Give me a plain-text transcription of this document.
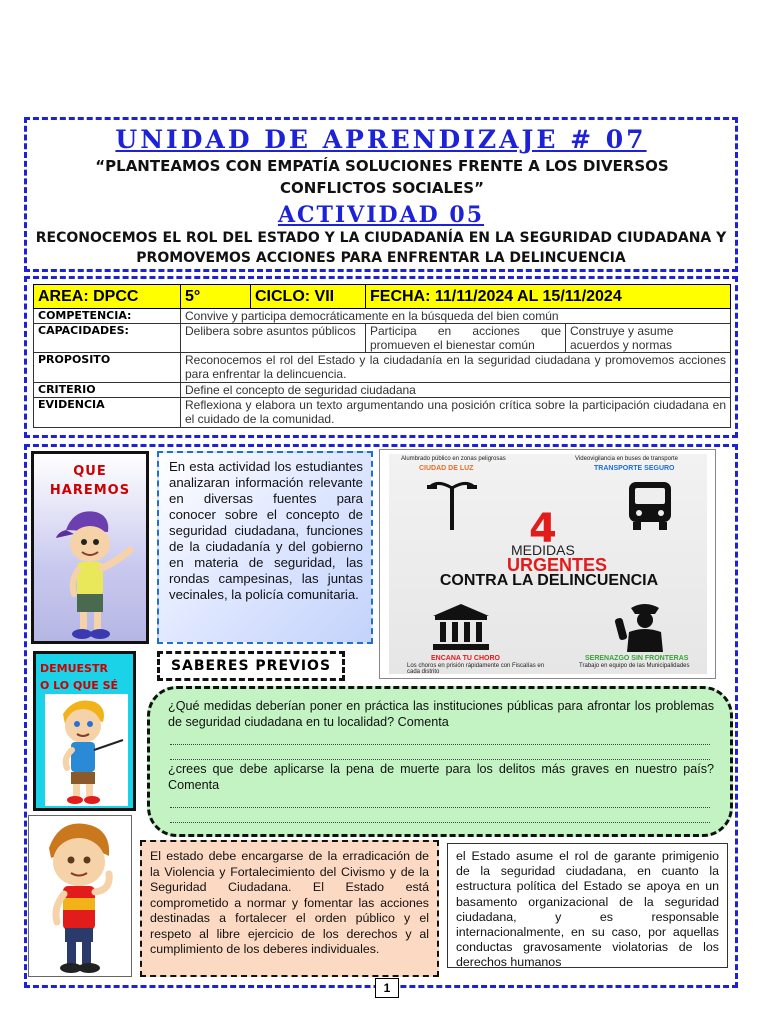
UNIDAD DE APRENDIZAJE # 07
“PLANTEAMOS CON EMPATÍA SOLUCIONES FRENTE A LOS DIVERSOS CONFLICTOS SOCIALES”
ACTIVIDAD 05
RECONOCEMOS EL ROL DEL ESTADO Y LA CIUDADANÍA EN LA SEGURIDAD CIUDADANA Y PROMOVEMOS ACCIONES PARA ENFRENTAR LA DELINCUENCIA
AREA: DPCC	5°	CICLO: VII	FECHA: 11/11/2024 AL 15/11/2024	
COMPETENCIA:	Convive y participa democráticamente en la búsqueda del bien común			
CAPACIDADES:	Delibera sobre asuntos públicos		Participa en acciones que promueven el bienestar común	Construye y asume acuerdos y normas
PROPOSITO	Reconocemos el rol del Estado y la ciudadanía en la seguridad ciudadana y promovemos acciones para enfrentar la delincuencia.			
CRITERIO	Define el concepto de seguridad ciudadana			
EVIDENCIA	Reflexiona y elabora un texto argumentando una posición crítica sobre la participación ciudadana en el cuidado de la comunidad.			
QUE
HAREMOS

En esta actividad los estudiantes analizaran información relevante en diversas fuentes para conocer sobre el concepto de seguridad ciudadana, funciones de la ciudadanía y del gobierno en materia de seguridad, las rondas campesinas, las juntas vecinales, la policía comunitaria.

Alumbrado público en zonas peligrosas
CIUDAD DE LUZ
Videovigilancia en buses de transporte
TRANSPORTE SEGURO
4
MEDIDAS
URGENTES
CONTRA LA DELINCUENCIA
ENCANA TU CHORO
Los choros en prisión rápidamente con Fiscalías en cada distrito
SERENAZGO SIN FRONTERAS
Trabajo en equipo de las Municipalidades
DEMUESTR
O LO QUE SÉ
SABERES PREVIOS

¿Qué medidas deberían poner en práctica las instituciones públicas para afrontar los problemas de seguridad ciudadana en tu localidad? Comenta

¿crees que debe aplicarse la pena de muerte para los delitos más graves en nuestro país? Comenta

El estado debe encargarse de la erradicación de la Violencia y Fortalecimiento del Civismo y de la Seguridad Ciudadana. El Estado está comprometido a normar y fomentar las acciones destinadas a fortalecer el orden público y el respeto al libre ejercicio de los derechos y al cumplimiento de los deberes individuales.
el Estado asume el rol de garante primigenio de la seguridad ciudadana, en cuanto la estructura política del Estado se apoya en un basamento organizacional de la seguridad ciudadana, y es responsable internacionalmente, en su caso, por aquellas conductas gravosamente violatorias de los derechos humanos
1
